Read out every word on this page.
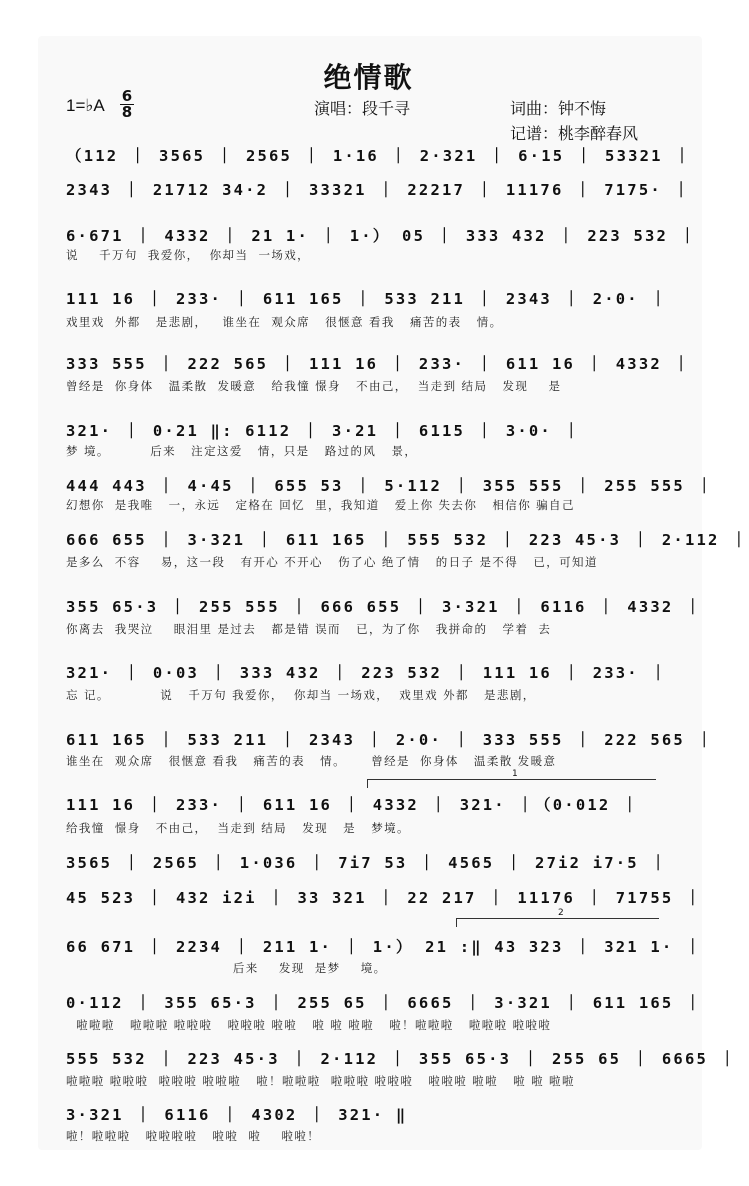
绝情歌
1=♭A 6
8	演唱：段千寻	词曲：钟不悔
记谱：桃李醉春风
（112 ｜ 3565 ｜ 2565 ｜ 1·16 ｜ 2·321 ｜ 6·15 ｜ 53321 ｜
2343 ｜ 21712 34·2 ｜ 33321 ｜ 22217 ｜ 11176 ｜ 7175· ｜
6·671 ｜ 4332 ｜ 21 1· ｜ 1·） 05 ｜ 333 432 ｜ 223 532 ｜
说    千万句  我爱你，  你却当  一场戏，
111 16 ｜ 233· ｜ 611 165 ｜ 533 211 ｜ 2343 ｜ 2·0· ｜
戏里戏  外都   是悲剧，   谁坐在  观众席   很惬意 看我   痛苦的表   情。
333 555 ｜ 222 565 ｜ 111 16 ｜ 233· ｜ 611 16 ｜ 4332 ｜
曾经是  你身体   温柔散  发暖意   给我憧 憬身   不由己，  当走到 结局   发现    是
321· ｜ 0·21 ‖: 6112 ｜ 3·21 ｜ 6115 ｜ 3·0· ｜
梦 境。        后来   注定这爱   情，只是   路过的风   景，
444 443 ｜ 4·45 ｜ 655 53 ｜ 5·112 ｜ 355 555 ｜ 255 555 ｜
幻想你  是我唯   一，永远   定格在 回忆  里，我知道   爱上你 失去你   相信你 骗自己
666 655 ｜ 3·321 ｜ 611 165 ｜ 555 532 ｜ 223 45·3 ｜ 2·112 ｜
是多么  不容    易，这一段   有开心 不开心   伤了心 绝了情   的日子 是不得   已，可知道
355 65·3 ｜ 255 555 ｜ 666 655 ｜ 3·321 ｜ 6116 ｜ 4332 ｜
你离去  我哭泣    眼泪里 是过去   都是错 误而   已，为了你   我拼命的   学着  去
321· ｜ 0·03 ｜ 333 432 ｜ 223 532 ｜ 111 16 ｜ 233· ｜
忘 记。          说   千万句 我爱你，  你却当 一场戏，  戏里戏 外都   是悲剧，
611 165 ｜ 533 211 ｜ 2343 ｜ 2·0· ｜ 333 555 ｜ 222 565 ｜
谁坐在  观众席   很惬意 看我   痛苦的表   情。     曾经是  你身体   温柔散 发暖意
1
111 16 ｜ 233· ｜ 611 16 ｜ 4332 ｜ 321· ｜（0·012 ｜
给我憧  憬身   不由己，  当走到 结局   发现   是   梦境。
3565 ｜ 2565 ｜ 1·036 ｜ 7i7 53 ｜ 4565 ｜ 27i2 i7·5 ｜
45 523 ｜ 432 i2i ｜ 33 321 ｜ 22 217 ｜ 11176 ｜ 71755 ｜
2
66 671 ｜ 2234 ｜ 211 1· ｜ 1·） 21 :‖ 43 323 ｜ 321 1· ｜
后来    发现  是梦    境。
0·112 ｜ 355 65·3 ｜ 255 65 ｜ 6665 ｜ 3·321 ｜ 611 165 ｜
啦啦啦   啦啦啦 啦啦啦   啦啦啦 啦啦   啦 啦 啦啦   啦！啦啦啦   啦啦啦 啦啦啦
555 532 ｜ 223 45·3 ｜ 2·112 ｜ 355 65·3 ｜ 255 65 ｜ 6665 ｜
啦啦啦 啦啦啦  啦啦啦 啦啦啦   啦！啦啦啦  啦啦啦 啦啦啦   啦啦啦 啦啦   啦 啦 啦啦
3·321 ｜ 6116 ｜ 4302 ｜ 321· ‖
啦！啦啦啦   啦啦啦啦   啦啦  啦    啦啦！
